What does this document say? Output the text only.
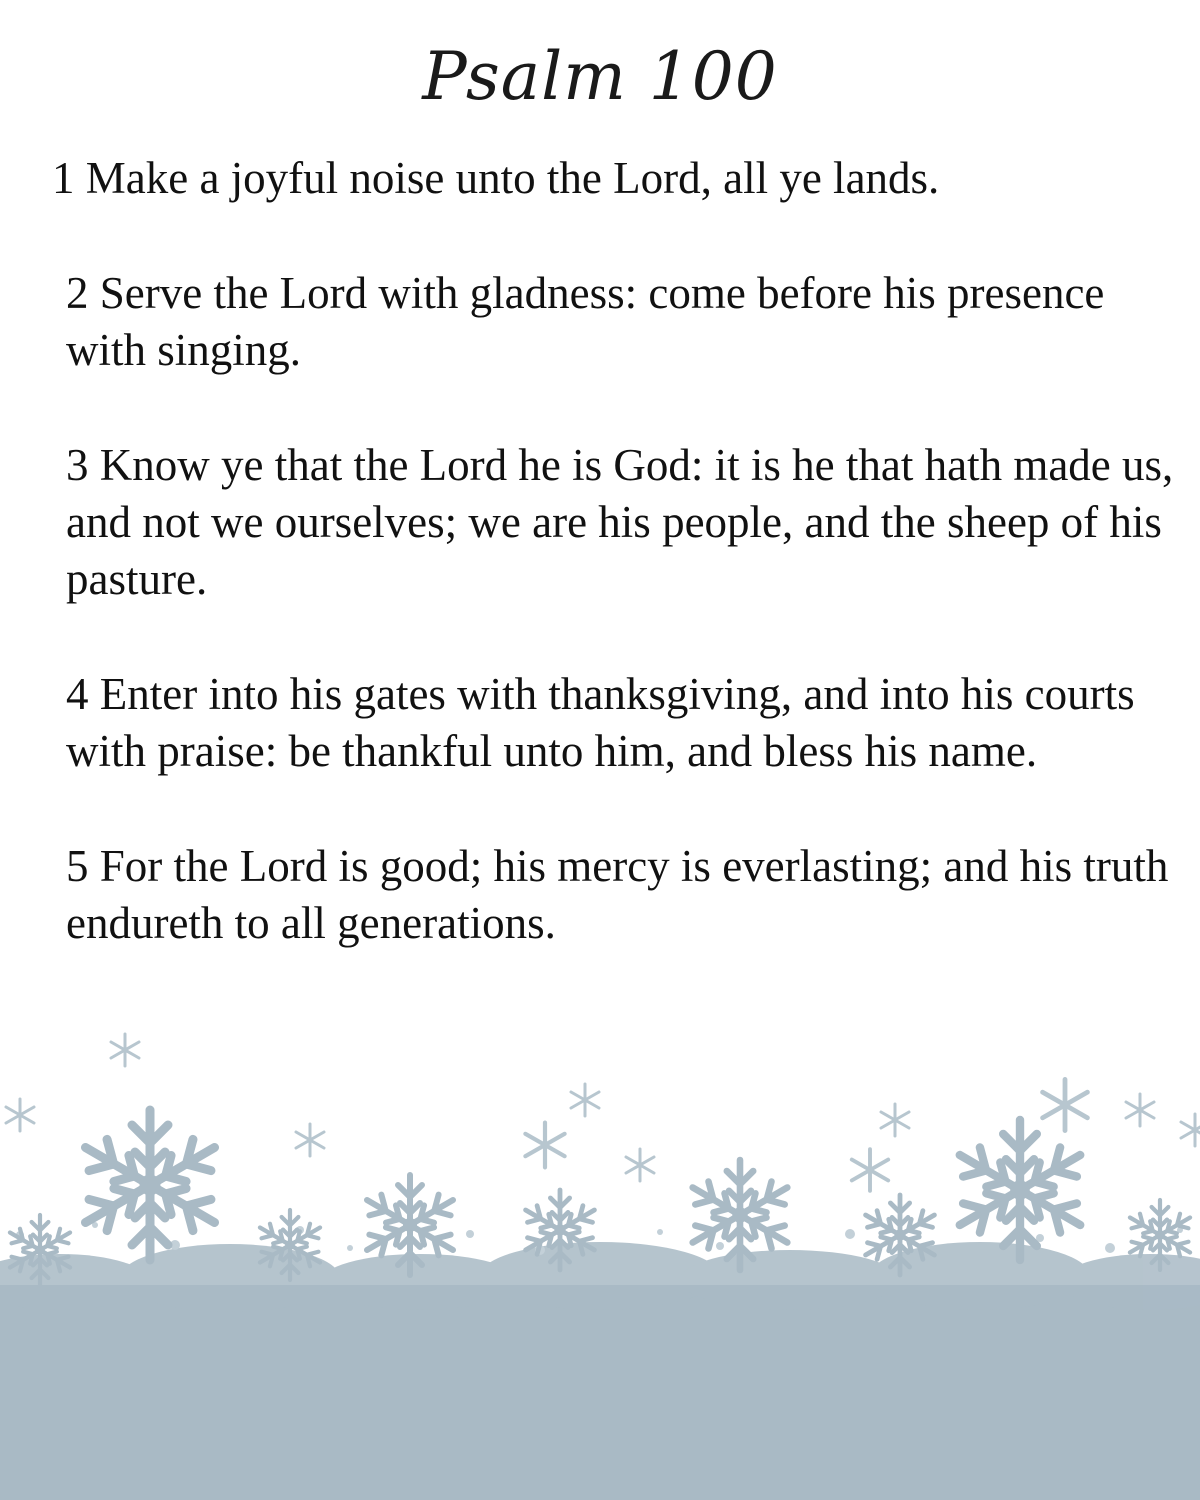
Psalm 100

1 Make a joyful noise unto the Lord, all ye lands.

2 Serve the Lord with gladness: come before his presence with singing.

3 Know ye that the Lord he is God: it is he that hath made us, and not we ourselves; we are his people, and the sheep of his pasture.

4 Enter into his gates with thanksgiving, and into his courts with praise: be thankful unto him, and bless his name.

5 For the Lord is good; his mercy is everlasting; and his truth endureth to all generations.
